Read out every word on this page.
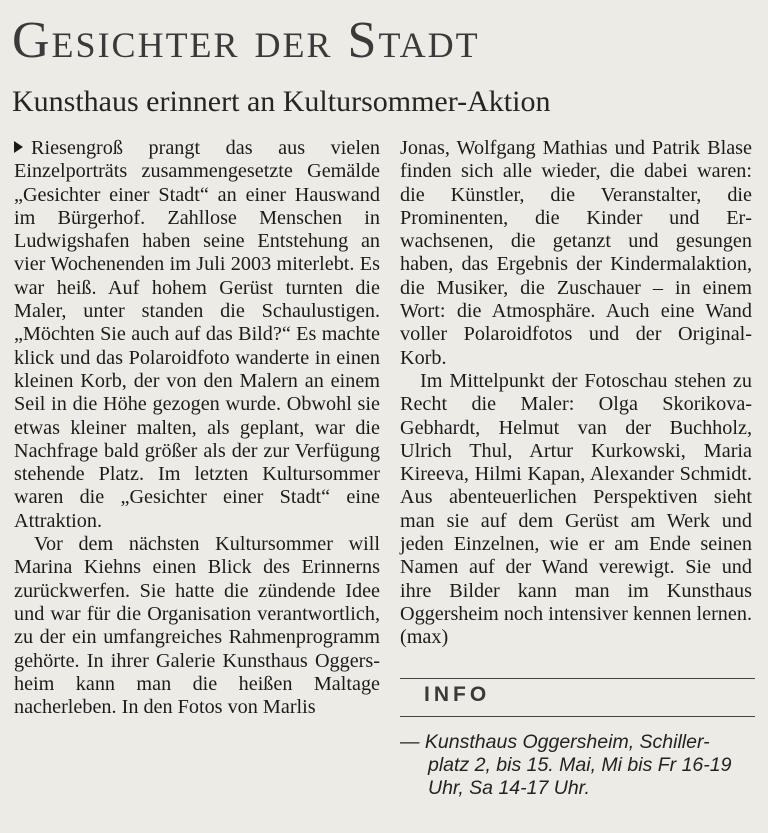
Gesichter der Stadt
Kunsthaus erinnert an Kultursommer-Aktion

Riesengroß prangt das aus vielen Einzelporträts zusammengesetzte Gemälde „Gesichter einer Stadt“ an einer Hauswand im Bürgerhof. Zahllose Menschen in Ludwigshafen haben seine Entstehung an vier Wochenenden im Juli 2003 miterlebt. Es war heiß. Auf hohem Gerüst turnten die Maler, unter standen die Schaulustigen. „Möchten Sie auch auf das Bild?“ Es machte klick und das Polaroidfoto wanderte in einen kleinen Korb, der von den Malern an einem Seil in die Höhe gezogen wurde. Obwohl sie etwas kleiner malten, als geplant, war die Nachfrage bald größer als der zur Verfügung stehende Platz. Im letzten Kultursommer waren die „Gesichter einer Stadt“ eine Attraktion.

Vor dem nächsten Kultursommer will Marina Kiehns einen Blick des Erinnerns zurückwerfen. Sie hatte die zündende Idee und war für die Organisation verantwortlich, zu der ein umfangreiches Rahmenprogramm gehörte. In ihrer Galerie Kunsthaus Oggersheim kann man die heißen Maltage nacherleben. In den Fotos von Marlis

Jonas, Wolfgang Mathias und Patrik Blase finden sich alle wieder, die dabei waren: die Künstler, die Veranstalter, die Prominenten, die Kinder und Erwachsenen, die getanzt und gesungen haben, das Ergebnis der Kindermalaktion, die Musiker, die Zuschauer – in einem Wort: die Atmosphäre. Auch eine Wand voller Polaroidfotos und der Original-Korb.

Im Mittelpunkt der Fotoschau stehen zu Recht die Maler: Olga Skorikova-Gebhardt, Helmut van der Buchholz, Ulrich Thul, Artur Kurkowski, Maria Kireeva, Hilmi Kapan, Alexander Schmidt. Aus abenteuerlichen Perspektiven sieht man sie auf dem Gerüst am Werk und jeden Einzelnen, wie er am Ende seinen Namen auf der Wand verewigt. Sie und ihre Bilder kann man im Kunsthaus Oggersheim noch intensiver kennen lernen. (max)

INFO
— Kunsthaus Oggersheim, Schiller-
platz 2, bis 15. Mai, Mi bis Fr 16-19
Uhr, Sa 14-17 Uhr.
